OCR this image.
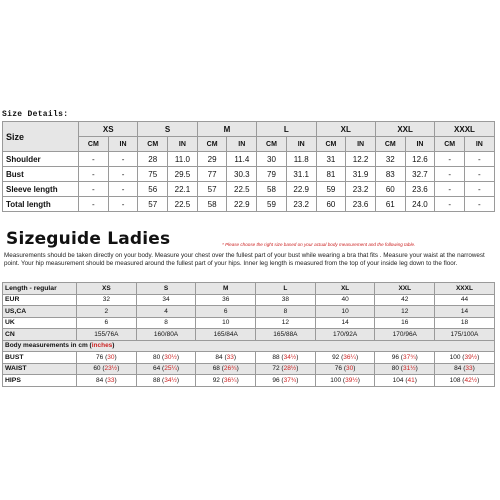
Size Details:
Size	XS		S		M		L		XL		XXL		XXXL	
	CM	IN	CM	IN	CM	IN	CM	IN	CM	IN	CM	IN	CM	IN
Shoulder	-	-	28	11.0	29	11.4	30	11.8	31	12.2	32	12.6	-	-
Bust	-	-	75	29.5	77	30.3	79	31.1	81	31.9	83	32.7	-	-
Sleeve length	-	-	56	22.1	57	22.5	58	22.9	59	23.2	60	23.6	-	-
Total length	-	-	57	22.5	58	22.9	59	23.2	60	23.6	61	24.0	-	-
Sizeguide Ladies	* Please choose the right size based on your actual body measurement and the following table.
Measurements should be taken directly on your body. Measure your chest over the fullest part of your bust while wearing a bra that fits . Measure your waist at the narrowest point. Your hip measurement should be measured around the fullest part of your hips. Inner leg length is measured from the top of your inside leg down to the floor.
Length - regular	XS	S	M	L	XL	XXL	XXXL
EUR	32	34	36	38	40	42	44
US,CA	2	4	6	8	10	12	14
UK	6	8	10	12	14	16	18
CN	155/76A	160/80A	165/84A	165/88A	170/92A	170/96A	175/100A
Body measurements in cm (inches)							
BUST	76 (30)	80 (30½)	84 (33)	88 (34½)	92 (36¼)	96 (37¾)	100 (39½)
WAIST	60 (23½)	64 (25¼)	68 (26¾)	72 (28½)	76 (30)	80 (31½)	84 (33)
HIPS	84 (33)	88 (34½)	92 (36¼)	96 (37¾)	100 (39½)	104 (41)	108 (42½)
